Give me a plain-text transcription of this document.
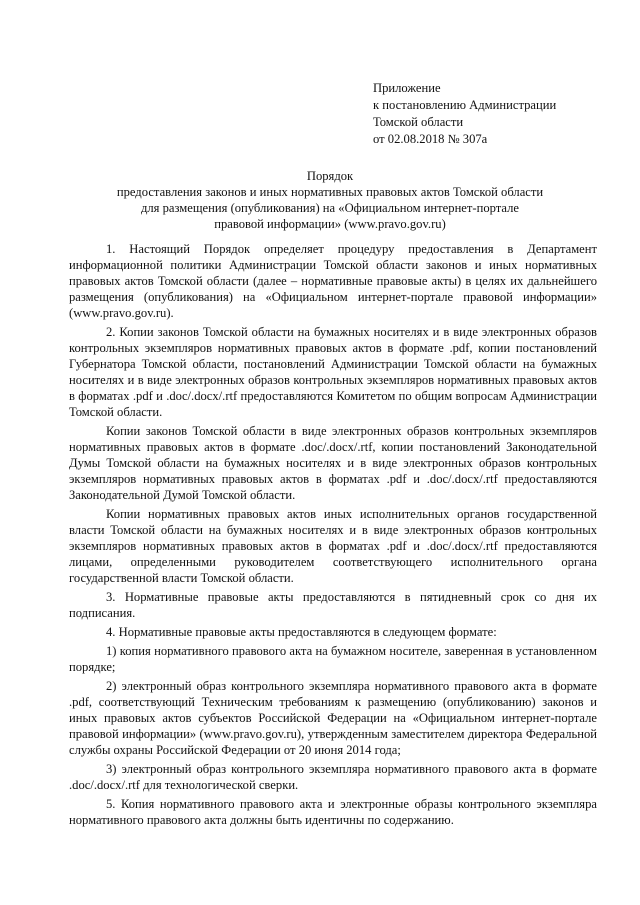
Приложение
к постановлению Администрации
Томской области
от 02.08.2018 № 307а
Порядок
предоставления законов и иных нормативных правовых актов Томской области
для размещения (опубликования) на «Официальном интернет-портале
правовой информации» (www.pravo.gov.ru)

1. Настоящий Порядок определяет процедуру предоставления в Департамент информационной политики Администрации Томской области законов и иных нормативных правовых актов Томской области (далее – нормативные правовые акты) в целях их дальнейшего размещения (опубликования) на «Официальном интернет-портале правовой информации» (www.pravo.gov.ru).

2. Копии законов Томской области на бумажных носителях и в виде электронных образов контрольных экземпляров нормативных правовых актов в формате .pdf, копии постановлений Губернатора Томской области, постановлений Администрации Томской области на бумажных носителях и в виде электронных образов контрольных экземпляров нормативных правовых актов в форматах .pdf и .doc/.docx/.rtf предоставляются Комитетом по общим вопросам Администрации Томской области.

Копии законов Томской области в виде электронных образов контрольных экземпляров нормативных правовых актов в формате .doc/.docx/.rtf, копии постановлений Законодательной Думы Томской области на бумажных носителях и в виде электронных образов контрольных экземпляров нормативных правовых актов в форматах .pdf и .doc/.docx/.rtf предоставляются Законодательной Думой Томской области.

Копии нормативных правовых актов иных исполнительных органов государственной власти Томской области на бумажных носителях и в виде электронных образов контрольных экземпляров нормативных правовых актов в форматах .pdf и .doc/.docx/.rtf предоставляются лицами, определенными руководителем соответствующего исполнительного органа государственной власти Томской области.

3. Нормативные правовые акты предоставляются в пятидневный срок со дня их подписания.

4. Нормативные правовые акты предоставляются в следующем формате:

1) копия нормативного правового акта на бумажном носителе, заверенная в установленном порядке;

2) электронный образ контрольного экземпляра нормативного правового акта в формате .pdf, соответствующий Техническим требованиям к размещению (опубликованию) законов и иных правовых актов субъектов Российской Федерации на «Официальном интернет-портале правовой информации» (www.pravo.gov.ru), утвержденным заместителем директора Федеральной службы охраны Российской Федерации от 20 июня 2014 года;

3) электронный образ контрольного экземпляра нормативного правового акта в формате .doc/.docx/.rtf для технологической сверки.

5. Копия нормативного правового акта и электронные образы контрольного экземпляра нормативного правового акта должны быть идентичны по содержанию.
